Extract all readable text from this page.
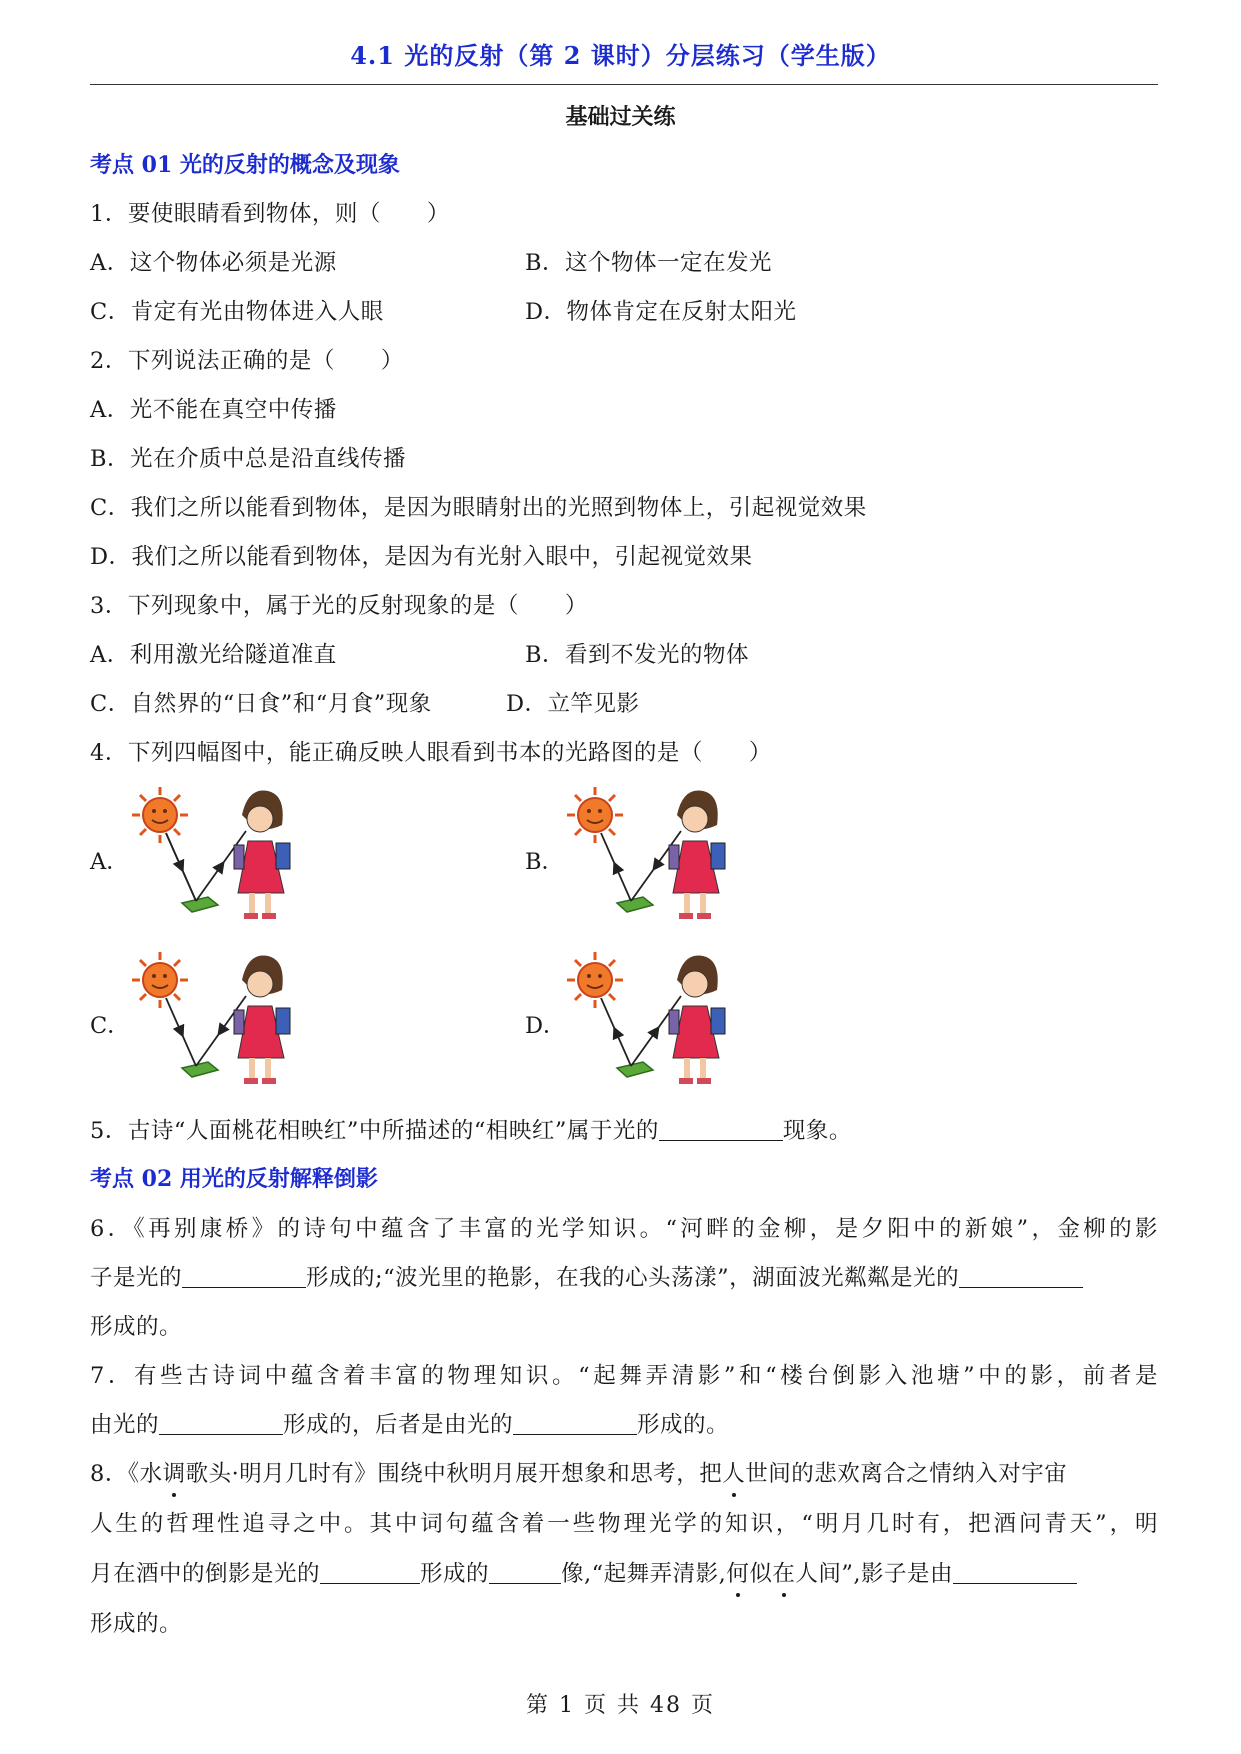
4.1 光的反射（第 2 课时）分层练习（学生版）
基础过关练
考点 01 光的反射的概念及现象
1．要使眼睛看到物体，则（　　）
A．这个物体必须是光源	B．这个物体一定在发光
C．肯定有光由物体进入人眼	D．物体肯定在反射太阳光
2．下列说法正确的是（　　）
A．光不能在真空中传播
B．光在介质中总是沿直线传播
C．我们之所以能看到物体，是因为眼睛射出的光照到物体上，引起视觉效果
D．我们之所以能看到物体，是因为有光射入眼中，引起视觉效果
3．下列现象中，属于光的反射现象的是（　　）
A．利用激光给隧道准直	B．看到不发光的物体
C．自然界的“日食”和“月食”现象	D．立竿见影
4．下列四幅图中，能正确反映人眼看到书本的光路图的是（　　）
A．	B．
C．	D．
5．古诗“人面桃花相映红”中所描述的“相映红”属于光的	现象。
考点 02 用光的反射解释倒影
6．《再别康桥》的诗句中蕴含了丰富的光学知识。“河畔的金柳，是夕阳中的新娘”，金柳的影
子是光的	形成的;“波光里的艳影，在我的心头荡漾”，湖面波光粼粼是光的
形成的。
7．有些古诗词中蕴含着丰富的物理知识。“起舞弄清影”和“楼台倒影入池塘”中的影，前者是
由光的	形成的，后者是由光的	形成的。
8．《水调歌头·明月几时有》围绕中秋明月展开想象和思考，把人世间的悲欢离合之情纳入对宇宙
人生的哲理性追寻之中。其中词句蕴含着一些物理光学的知识，“明月几时有，把酒问青天”，明
月在酒中的倒影是光的	形成的	像,“起舞弄清影,何似在人间”,影子是由
形成的。
第 1 页 共 48 页
